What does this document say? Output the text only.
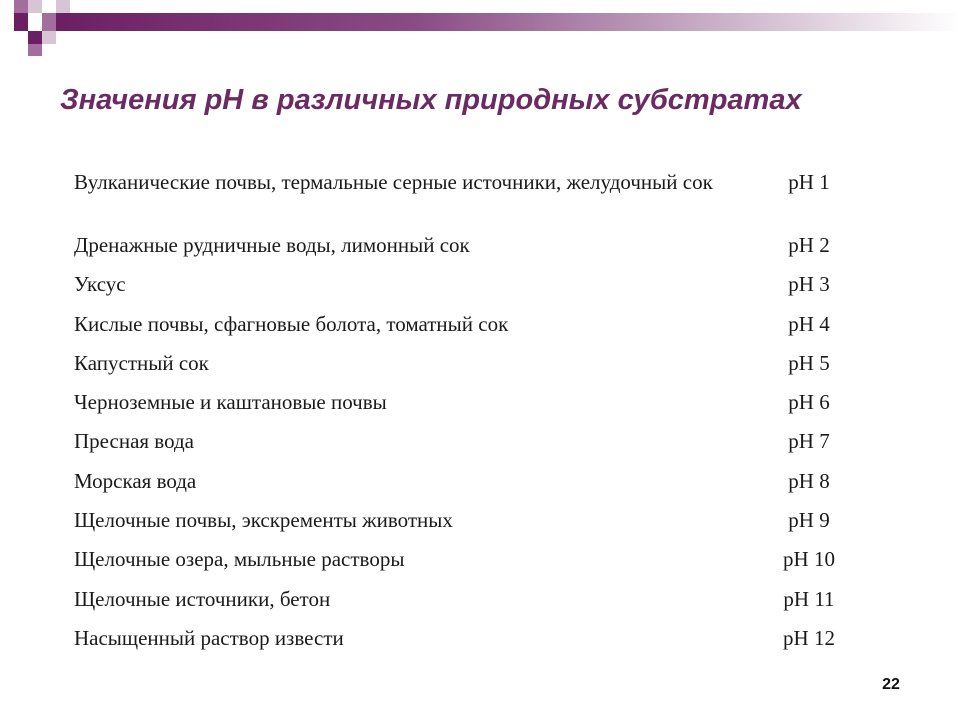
Значения pH в различных природных субстратах
Вулканические почвы, термальные серные источники, желудочный сок	pH 1
Дренажные рудничные воды, лимонный сок	pH 2
Уксус	pH 3
Кислые почвы, сфагновые болота, томатный сок	pH 4
Капустный сок	pH 5
Черноземные и каштановые почвы	pH 6
Пресная вода	pH 7
Морская вода	pH 8
Щелочные почвы, экскременты животных	pH 9
Щелочные озера, мыльные растворы	pH 10
Щелочные источники, бетон	pH 11
Насыщенный раствор извести	pH 12
22
